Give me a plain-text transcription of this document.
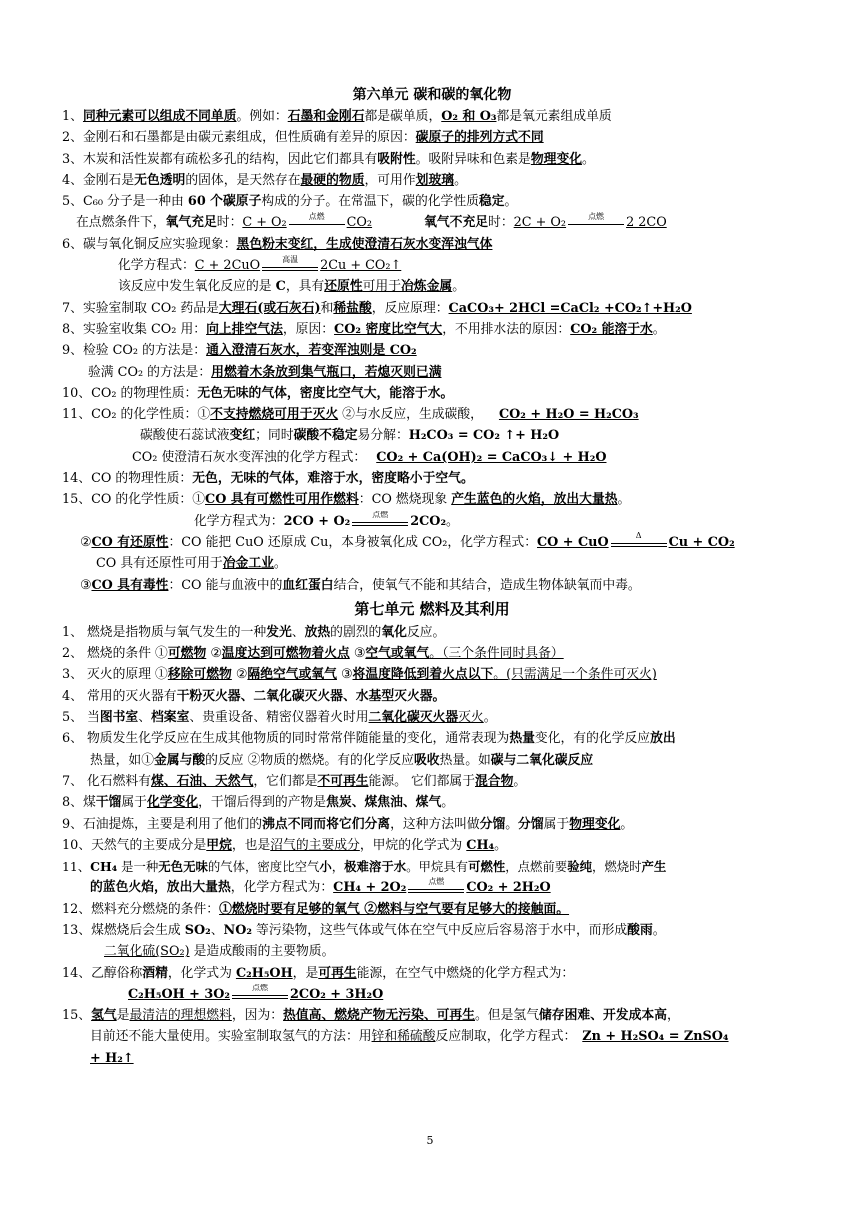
第六单元 碳和碳的氧化物
1、同种元素可以组成不同单质。例如：石墨和金刚石都是碳单质，O₂ 和 O₃都是氧元素组成单质
2、金刚石和石墨都是由碳元素组成，但性质确有差异的原因：碳原子的排列方式不同
3、木炭和活性炭都有疏松多孔的结构，因此它们都具有吸附性。吸附异味和色素是物理变化。
4、金刚石是无色透明的固体，是天然存在最硬的物质，可用作划玻璃。
5、C₆₀ 分子是一种由 60 个碳原子构成的分子。在常温下，碳的化学性质稳定。
在点燃条件下，氧气充足时：C + O₂	点燃	CO₂	氧气不充足时：2C + O₂	点燃	2 2CO
6、碳与氧化铜反应实验现象：黑色粉末变红，生成使澄清石灰水变浑浊气体
化学方程式：C + 2CuO	高温	2Cu + CO₂↑
该反应中发生氧化反应的是 C，具有还原性可用于冶炼金属。
7、实验室制取 CO₂ 药品是大理石(或石灰石)和稀盐酸，反应原理：CaCO₃+ 2HCl =CaCl₂ +CO₂↑+H₂O
8、实验室收集 CO₂ 用：向上排空气法，原因：CO₂ 密度比空气大，不用排水法的原因：CO₂ 能溶于水。
9、检验 CO₂ 的方法是：通入澄清石灰水，若变浑浊则是 CO₂
验满 CO₂ 的方法是：用燃着木条放到集气瓶口，若熄灭则已满
10、CO₂ 的物理性质：无色无味的气体，密度比空气大，能溶于水。
11、CO₂ 的化学性质：①不支持燃烧可用于灭火 ②与水反应，生成碳酸， CO₂ + H₂O = H₂CO₃
碳酸使石蕊试液变红；同时碳酸不稳定易分解：H₂CO₃ = CO₂ ↑+ H₂O
CO₂ 使澄清石灰水变浑浊的化学方程式： CO₂ + Ca(OH)₂ = CaCO₃↓ + H₂O
14、CO 的物理性质：无色，无味的气体，难溶于水，密度略小于空气。
15、CO 的化学性质：①CO 具有可燃性可用作燃料：CO 燃烧现象 产生蓝色的火焰，放出大量热。
化学方程式为：2CO + O₂	点燃	2CO₂。
②CO 有还原性：CO 能把 CuO 还原成 Cu，本身被氧化成 CO₂，化学方程式：CO + CuO	Δ	Cu + CO₂
CO 具有还原性可用于冶金工业。
③CO 具有毒性：CO 能与血液中的血红蛋白结合，使氧气不能和其结合，造成生物体缺氧而中毒。
第七单元 燃料及其利用
1、 燃烧是指物质与氧气发生的一种发光、放热的剧烈的氧化反应。
2、 燃烧的条件 ①可燃物 ②温度达到可燃物着火点 ③空气或氧气。（三个条件同时具备）
3、 灭火的原理 ①移除可燃物 ②隔绝空气或氧气 ③将温度降低到着火点以下。(只需满足一个条件可灭火)
4、 常用的灭火器有干粉灭火器、二氧化碳灭火器、水基型灭火器。
5、 当图书室、档案室、贵重设备、精密仪器着火时用二氧化碳灭火器灭火。
6、 物质发生化学反应在生成其他物质的同时常常伴随能量的变化，通常表现为热量变化，有的化学反应放出
热量，如①金属与酸的反应 ②物质的燃烧。有的化学反应吸收热量。如碳与二氧化碳反应
7、 化石燃料有煤、石油、天然气，它们都是不可再生能源。 它们都属于混合物。
8、煤干馏属于化学变化，干馏后得到的产物是焦炭、煤焦油、煤气。
9、石油提炼，主要是利用了他们的沸点不同而将它们分离，这种方法叫做分馏。分馏属于物理变化。
10、天然气的主要成分是甲烷，也是沼气的主要成分，甲烷的化学式为 CH₄。
11、CH₄ 是一种无色无味的气体，密度比空气小，极难溶于水。甲烷具有可燃性，点燃前要验纯，燃烧时产生
的蓝色火焰，放出大量热，化学方程式为：CH₄ + 2O₂	点燃	CO₂ + 2H₂O
12、燃料充分燃烧的条件：①燃烧时要有足够的氧气 ②燃料与空气要有足够大的接触面。
13、煤燃烧后会生成 SO₂、NO₂ 等污染物，这些气体或气体在空气中反应后容易溶于水中，而形成酸雨。
二氧化硫(SO₂) 是造成酸雨的主要物质。
14、乙醇俗称酒精，化学式为 C₂H₅OH，是可再生能源，在空气中燃烧的化学方程式为：
C₂H₅OH + 3O₂	点燃	2CO₂ + 3H₂O
15、氢气是最清洁的理想燃料，因为：热值高、燃烧产物无污染、可再生。但是氢气储存困难、开发成本高，
目前还不能大量使用。实验室制取氢气的方法：用锌和稀硫酸反应制取，化学方程式： Zn + H₂SO₄ = ZnSO₄
+ H₂↑
5
